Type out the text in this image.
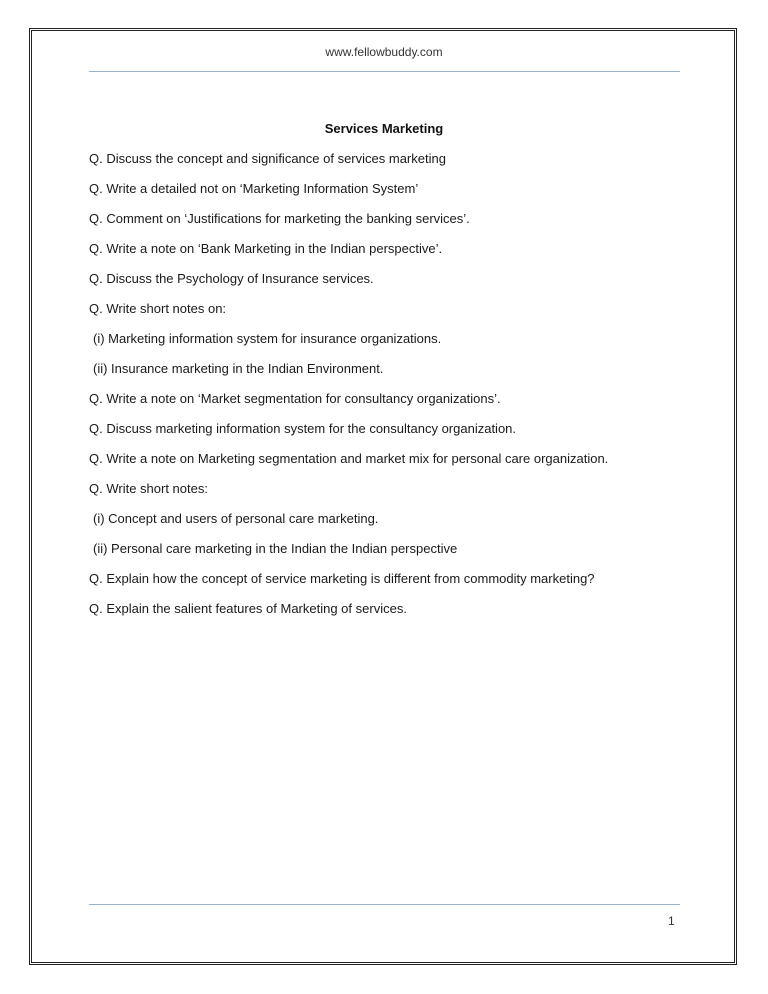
www.fellowbuddy.com
Services Marketing
Q. Discuss the concept and significance of services marketing
Q. Write a detailed not on ‘Marketing Information System’
Q. Comment on ‘Justifications for marketing the banking services’.
Q. Write a note on ‘Bank Marketing in the Indian perspective’.
Q. Discuss the Psychology of Insurance services.
Q. Write short notes on:
(i) Marketing information system for insurance organizations.
(ii) Insurance marketing in the Indian Environment.
Q. Write a note on ‘Market segmentation for consultancy organizations’.
Q. Discuss marketing information system for the consultancy organization.
Q. Write a note on Marketing segmentation and market mix for personal care organization.
Q. Write short notes:
(i) Concept and users of personal care marketing.
(ii) Personal care marketing in the Indian the Indian perspective
Q. Explain how the concept of service marketing is different from commodity marketing?
Q. Explain the salient features of Marketing of services.
1
